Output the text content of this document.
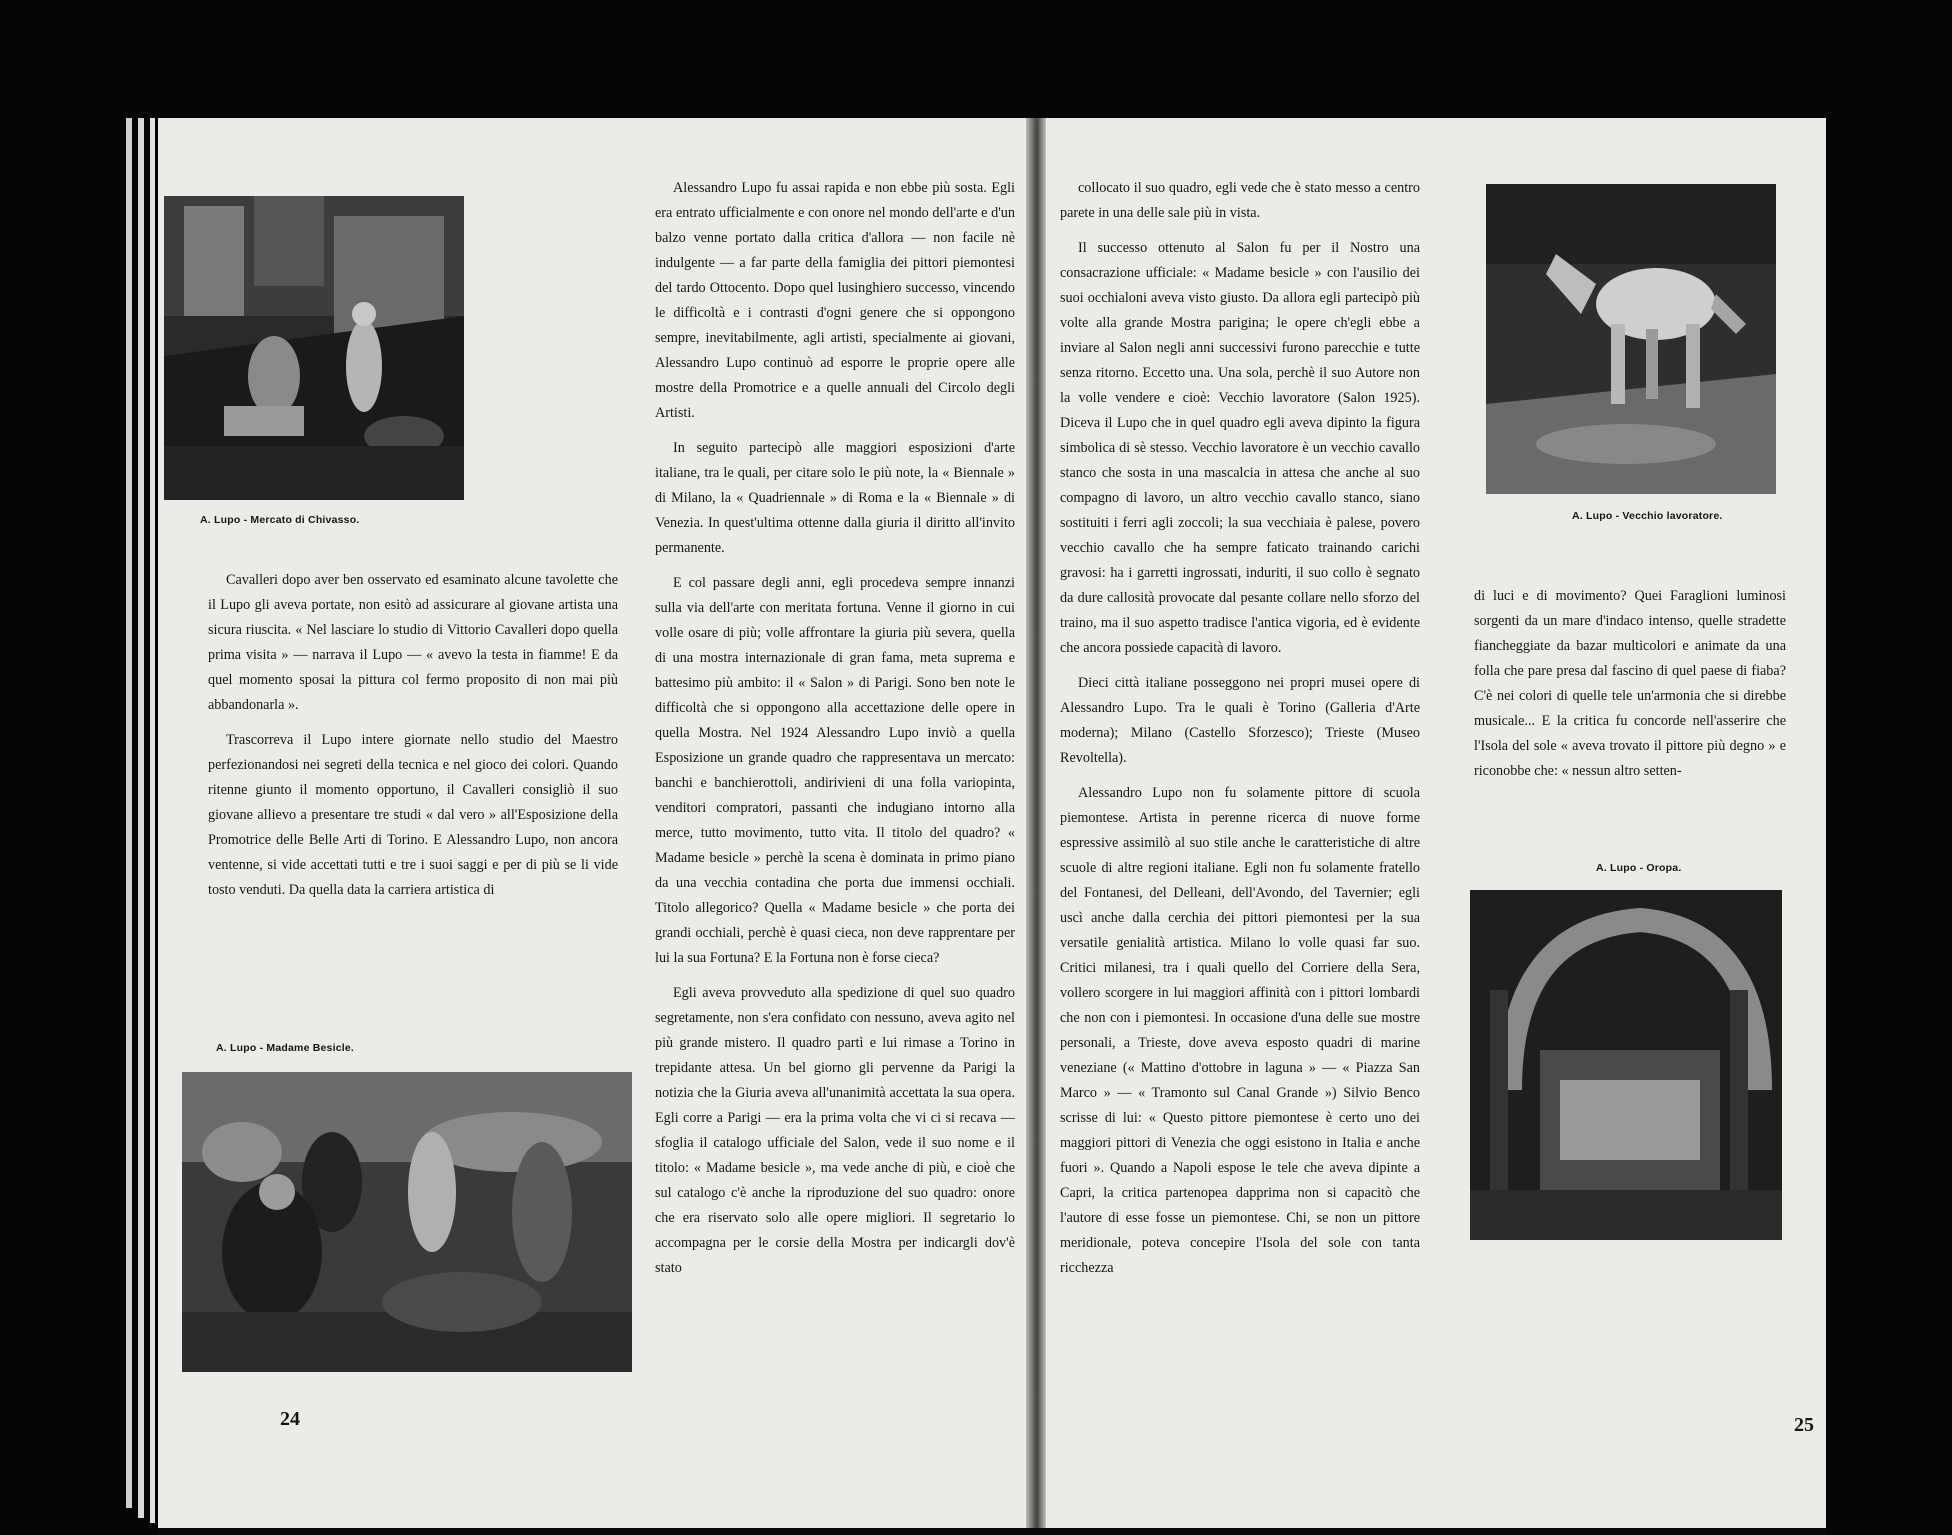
A. Lupo - Mercato di Chivasso.

Cavalleri dopo aver ben osservato ed esaminato alcune tavolette che il Lupo gli aveva portate, non esitò ad assicurare al giovane artista una sicura riuscita. « Nel lasciare lo studio di Vittorio Cavalleri dopo quella prima visita » — narrava il Lupo — « avevo la testa in fiamme! E da quel momento sposai la pittura col fermo proposito di non mai più abbandonarla ».

Trascorreva il Lupo intere giornate nello studio del Maestro perfezionandosi nei segreti della tecnica e nel gioco dei colori. Quando ritenne giunto il momento opportuno, il Cavalleri consigliò il suo giovane allievo a presentare tre studi « dal vero » all'Esposizione della Promotrice delle Belle Arti di Torino. E Alessandro Lupo, non ancora ventenne, si vide accettati tutti e tre i suoi saggi e per di più se li vide tosto venduti. Da quella data la carriera artistica di

A. Lupo - Madame Besicle.

Alessandro Lupo fu assai rapida e non ebbe più sosta. Egli era entrato ufficialmente e con onore nel mondo dell'arte e d'un balzo venne portato dalla critica d'allora — non facile nè indulgente — a far parte della famiglia dei pittori piemontesi del tardo Ottocento. Dopo quel lusinghiero successo, vincendo le difficoltà e i contrasti d'ogni genere che si oppongono sempre, inevitabilmente, agli artisti, specialmente ai giovani, Alessandro Lupo continuò ad esporre le proprie opere alle mostre della Promotrice e a quelle annuali del Circolo degli Artisti.

In seguito partecipò alle maggiori esposizioni d'arte italiane, tra le quali, per citare solo le più note, la « Biennale » di Milano, la « Quadriennale » di Roma e la « Biennale » di Venezia. In quest'ultima ottenne dalla giuria il diritto all'invito permanente.

E col passare degli anni, egli procedeva sempre innanzi sulla via dell'arte con meritata fortuna. Venne il giorno in cui volle osare di più; volle affrontare la giuria più severa, quella di una mostra internazionale di gran fama, meta suprema e battesimo più ambito: il « Salon » di Parigi. Sono ben note le difficoltà che si oppongono alla accettazione delle opere in quella Mostra. Nel 1924 Alessandro Lupo inviò a quella Esposizione un grande quadro che rappresentava un mercato: banchi e banchierottoli, andirivieni di una folla variopinta, venditori compratori, passanti che indugiano intorno alla merce, tutto movimento, tutto vita. Il titolo del quadro? « Madame besicle » perchè la scena è dominata in primo piano da una vecchia contadina che porta due immensi occhiali. Titolo allegorico? Quella « Madame besicle » che porta dei grandi occhiali, perchè è quasi cieca, non deve rapprentare per lui la sua Fortuna? E la Fortuna non è forse cieca?

Egli aveva provveduto alla spedizione di quel suo quadro segretamente, non s'era confidato con nessuno, aveva agito nel più grande mistero. Il quadro partì e lui rimase a Torino in trepidante attesa. Un bel giorno gli pervenne da Parigi la notizia che la Giuria aveva all'unanimità accettata la sua opera. Egli corre a Parigi — era la prima volta che vi ci si recava — sfoglia il catalogo ufficiale del Salon, vede il suo nome e il titolo: « Madame besicle », ma vede anche di più, e cioè che sul catalogo c'è anche la riproduzione del suo quadro: onore che era riservato solo alle opere migliori. Il segretario lo accompagna per le corsie della Mostra per indicargli dov'è stato

24

collocato il suo quadro, egli vede che è stato messo a centro parete in una delle sale più in vista.

Il successo ottenuto al Salon fu per il Nostro una consacrazione ufficiale: « Madame besicle » con l'ausilio dei suoi occhialoni aveva visto giusto. Da allora egli partecipò più volte alla grande Mostra parigina; le opere ch'egli ebbe a inviare al Salon negli anni successivi furono parecchie e tutte senza ritorno. Eccetto una. Una sola, perchè il suo Autore non la volle vendere e cioè: Vecchio lavoratore (Salon 1925). Diceva il Lupo che in quel quadro egli aveva dipinto la figura simbolica di sè stesso. Vecchio lavoratore è un vecchio cavallo stanco che sosta in una mascalcia in attesa che anche al suo compagno di lavoro, un altro vecchio cavallo stanco, siano sostituiti i ferri agli zoccoli; la sua vecchiaia è palese, povero vecchio cavallo che ha sempre faticato trainando carichi gravosi: ha i garretti ingrossati, induriti, il suo collo è segnato da dure callosità provocate dal pesante collare nello sforzo del traino, ma il suo aspetto tradisce l'antica vigoria, ed è evidente che ancora possiede capacità di lavoro.

Dieci città italiane posseggono nei propri musei opere di Alessandro Lupo. Tra le quali è Torino (Galleria d'Arte moderna); Milano (Castello Sforzesco); Trieste (Museo Revoltella).

Alessandro Lupo non fu solamente pittore di scuola piemontese. Artista in perenne ricerca di nuove forme espressive assimilò al suo stile anche le caratteristiche di altre scuole di altre regioni italiane. Egli non fu solamente fratello del Fontanesi, del Delleani, dell'Avondo, del Tavernier; egli uscì anche dalla cerchia dei pittori piemontesi per la sua versatile genialità artistica. Milano lo volle quasi far suo. Critici milanesi, tra i quali quello del Corriere della Sera, vollero scorgere in lui maggiori affinità con i pittori lombardi che non con i piemontesi. In occasione d'una delle sue mostre personali, a Trieste, dove aveva esposto quadri di marine veneziane (« Mattino d'ottobre in laguna » — « Piazza San Marco » — « Tramonto sul Canal Grande ») Silvio Benco scrisse di lui: « Questo pittore piemontese è certo uno dei maggiori pittori di Venezia che oggi esistono in Italia e anche fuori ». Quando a Napoli espose le tele che aveva dipinte a Capri, la critica partenopea dapprima non si capacitò che l'autore di esse fosse un piemontese. Chi, se non un pittore meridionale, poteva concepire l'Isola del sole con tanta ricchezza

A. Lupo - Vecchio lavoratore.

di luci e di movimento? Quei Faraglioni luminosi sorgenti da un mare d'indaco intenso, quelle stradette fiancheggiate da bazar multicolori e animate da una folla che pare presa dal fascino di quel paese di fiaba? C'è nei colori di quelle tele un'armonia che si direbbe musicale... E la critica fu concorde nell'asserire che l'Isola del sole « aveva trovato il pittore più degno » e riconobbe che: « nessun altro setten-

A. Lupo - Oropa.
25
